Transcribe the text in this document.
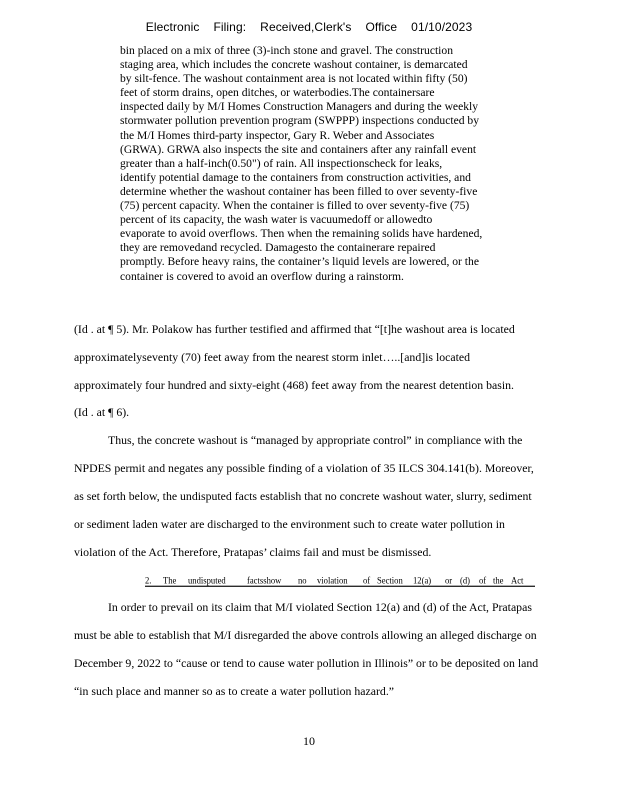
Electronic Filing: Received,Clerk's Office 01/10/2023
bin placed on a mix of three (3)-inch stone and gravel. The construction
staging area, which includes the concrete washout container, is demarcated
by silt-fence. The washout containment area is not located within fifty (50)
feet of storm drains, open ditches, or waterbodies.The containersare
inspected daily by M/I Homes Construction Managers and during the weekly
stormwater pollution prevention program (SWPPP) inspections conducted by
the M/I Homes third-party inspector, Gary R. Weber and Associates
(GRWA). GRWA also inspects the site and containers after any rainfall event
greater than a half-inch(0.50") of rain. All inspectionscheck for leaks,
identify potential damage to the containers from construction activities, and
determine whether the washout container has been filled to over seventy-five
(75) percent capacity. When the container is filled to over seventy-five (75)
percent of its capacity, the wash water is vacuumedoff or allowedto
evaporate to avoid overflows. Then when the remaining solids have hardened,
they are removedand recycled. Damagesto the containerare repaired
promptly. Before heavy rains, the container’s liquid levels are lowered, or the
container is covered to avoid an overflow during a rainstorm.
(Id . at ¶ 5). Mr. Polakow has further testified and affirmed that “[t]he washout area is located
approximatelyseventy (70) feet away from the nearest storm inlet…..[and]is located
approximately four hundred and sixty-eight (468) feet away from the nearest detention basin.
(Id . at ¶ 6).
Thus, the concrete washout is “managed by appropriate control” in compliance with the
NPDES permit and negates any possible finding of a violation of 35 ILCS 304.141(b). Moreover,
as set forth below, the undisputed facts establish that no concrete washout water, slurry, sediment
or sediment laden water are discharged to the environment such to create water pollution in
violation of the Act. Therefore, Pratapas’ claims fail and must be dismissed.
2. The undisputed factsshow no violation of Section 12(a) or (d) of the Act
In order to prevail on its claim that M/I violated Section 12(a) and (d) of the Act, Pratapas
must be able to establish that M/I disregarded the above controls allowing an alleged discharge on
December 9, 2022 to “cause or tend to cause water pollution in Illinois” or to be deposited on land
“in such place and manner so as to create a water pollution hazard.”
10
